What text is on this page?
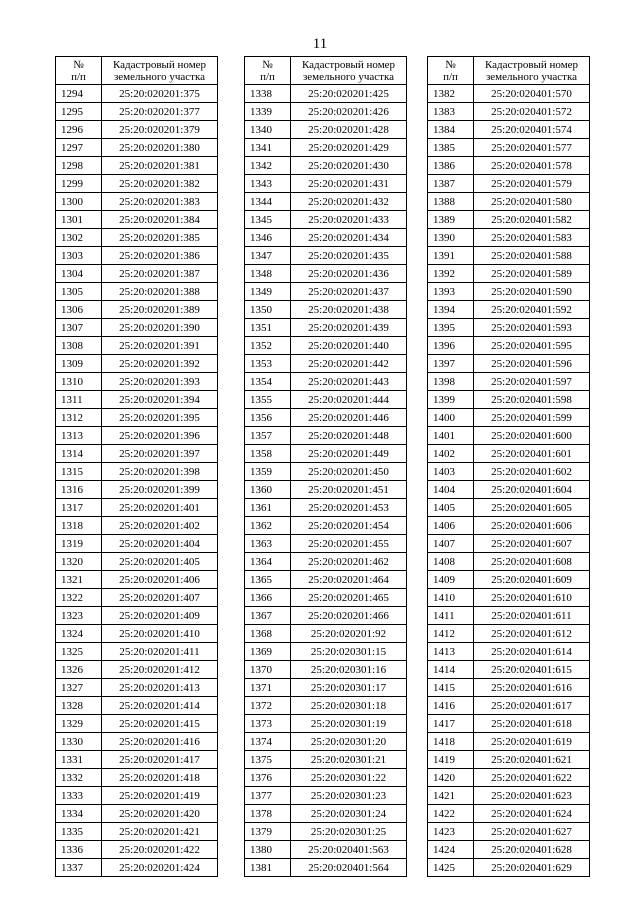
11
№
п/п	Кадастровый номер
земельного участка
1294	25:20:020201:375
1295	25:20:020201:377
1296	25:20:020201:379
1297	25:20:020201:380
1298	25:20:020201:381
1299	25:20:020201:382
1300	25:20:020201:383
1301	25:20:020201:384
1302	25:20:020201:385
1303	25:20:020201:386
1304	25:20:020201:387
1305	25:20:020201:388
1306	25:20:020201:389
1307	25:20:020201:390
1308	25:20:020201:391
1309	25:20:020201:392
1310	25:20:020201:393
1311	25:20:020201:394
1312	25:20:020201:395
1313	25:20:020201:396
1314	25:20:020201:397
1315	25:20:020201:398
1316	25:20:020201:399
1317	25:20:020201:401
1318	25:20:020201:402
1319	25:20:020201:404
1320	25:20:020201:405
1321	25:20:020201:406
1322	25:20:020201:407
1323	25:20:020201:409
1324	25:20:020201:410
1325	25:20:020201:411
1326	25:20:020201:412
1327	25:20:020201:413
1328	25:20:020201:414
1329	25:20:020201:415
1330	25:20:020201:416
1331	25:20:020201:417
1332	25:20:020201:418
1333	25:20:020201:419
1334	25:20:020201:420
1335	25:20:020201:421
1336	25:20:020201:422
1337	25:20:020201:424
№
п/п	Кадастровый номер
земельного участка
1338	25:20:020201:425
1339	25:20:020201:426
1340	25:20:020201:428
1341	25:20:020201:429
1342	25:20:020201:430
1343	25:20:020201:431
1344	25:20:020201:432
1345	25:20:020201:433
1346	25:20:020201:434
1347	25:20:020201:435
1348	25:20:020201:436
1349	25:20:020201:437
1350	25:20:020201:438
1351	25:20:020201:439
1352	25:20:020201:440
1353	25:20:020201:442
1354	25:20:020201:443
1355	25:20:020201:444
1356	25:20:020201:446
1357	25:20:020201:448
1358	25:20:020201:449
1359	25:20:020201:450
1360	25:20:020201:451
1361	25:20:020201:453
1362	25:20:020201:454
1363	25:20:020201:455
1364	25:20:020201:462
1365	25:20:020201:464
1366	25:20:020201:465
1367	25:20:020201:466
1368	25:20:020201:92
1369	25:20:020301:15
1370	25:20:020301:16
1371	25:20:020301:17
1372	25:20:020301:18
1373	25:20:020301:19
1374	25:20:020301:20
1375	25:20:020301:21
1376	25:20:020301:22
1377	25:20:020301:23
1378	25:20:020301:24
1379	25:20:020301:25
1380	25:20:020401:563
1381	25:20:020401:564
№
п/п	Кадастровый номер
земельного участка
1382	25:20:020401:570
1383	25:20:020401:572
1384	25:20:020401:574
1385	25:20:020401:577
1386	25:20:020401:578
1387	25:20:020401:579
1388	25:20:020401:580
1389	25:20:020401:582
1390	25:20:020401:583
1391	25:20:020401:588
1392	25:20:020401:589
1393	25:20:020401:590
1394	25:20:020401:592
1395	25:20:020401:593
1396	25:20:020401:595
1397	25:20:020401:596
1398	25:20:020401:597
1399	25:20:020401:598
1400	25:20:020401:599
1401	25:20:020401:600
1402	25:20:020401:601
1403	25:20:020401:602
1404	25:20:020401:604
1405	25:20:020401:605
1406	25:20:020401:606
1407	25:20:020401:607
1408	25:20:020401:608
1409	25:20:020401:609
1410	25:20:020401:610
1411	25:20:020401:611
1412	25:20:020401:612
1413	25:20:020401:614
1414	25:20:020401:615
1415	25:20:020401:616
1416	25:20:020401:617
1417	25:20:020401:618
1418	25:20:020401:619
1419	25:20:020401:621
1420	25:20:020401:622
1421	25:20:020401:623
1422	25:20:020401:624
1423	25:20:020401:627
1424	25:20:020401:628
1425	25:20:020401:629
